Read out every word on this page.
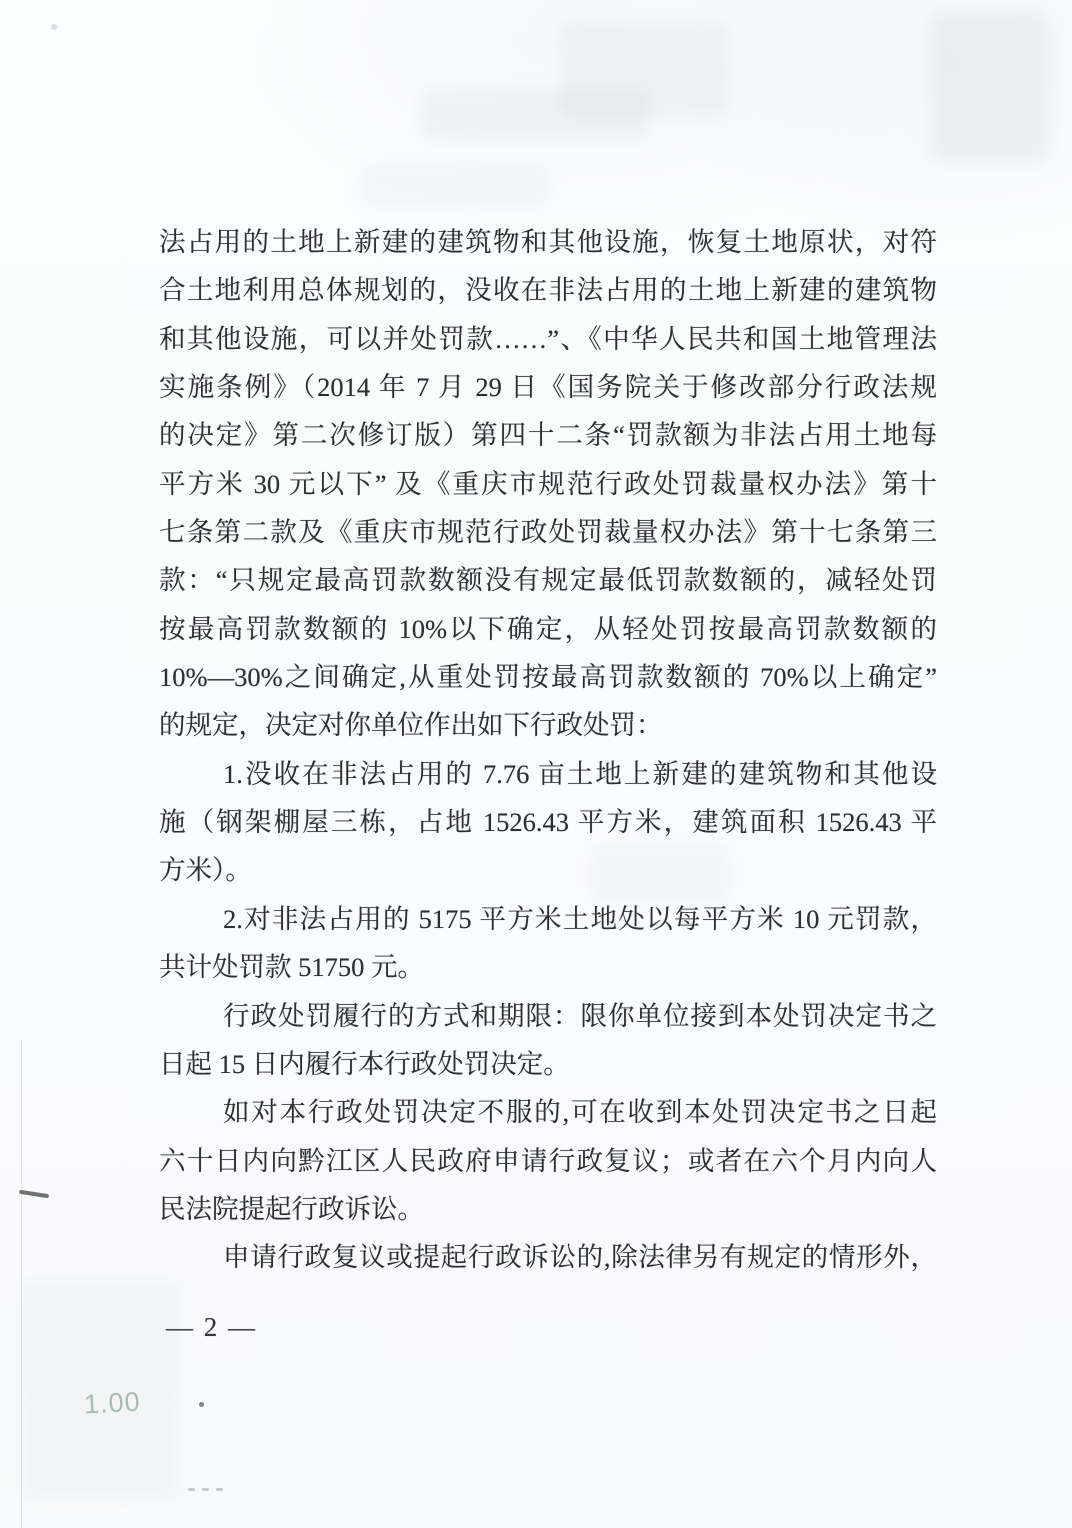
法占用的土地上新建的建筑物和其他设施，恢复土地原状，对符
合土地利用总体规划的，没收在非法占用的土地上新建的建筑物
和其他设施，可以并处罚款……”、《中华人民共和国土地管理法
实施条例》（2014 年 7 月 29 日《国务院关于修改部分行政法规
的决定》第二次修订版）第四十二条“罚款额为非法占用土地每
平方米 30 元以下” 及《重庆市规范行政处罚裁量权办法》第十
七条第二款及《重庆市规范行政处罚裁量权办法》第十七条第三
款：“只规定最高罚款数额没有规定最低罚款数额的，减轻处罚
按最高罚款数额的 10%以下确定，从轻处罚按最高罚款数额的
10%—30%之间确定,从重处罚按最高罚款数额的 70%以上确定”
的规定，决定对你单位作出如下行政处罚：
1.没收在非法占用的 7.76 亩土地上新建的建筑物和其他设
施（钢架棚屋三栋，占地 1526.43 平方米，建筑面积 1526.43 平
方米）。
2.对非法占用的 5175 平方米土地处以每平方米 10 元罚款，
共计处罚款 51750 元。
行政处罚履行的方式和期限：限你单位接到本处罚决定书之
日起 15 日内履行本行政处罚决定。
如对本行政处罚决定不服的,可在收到本处罚决定书之日起
六十日内向黔江区人民政府申请行政复议；或者在六个月内向人
民法院提起行政诉讼。
申请行政复议或提起行政诉讼的,除法律另有规定的情形外，
— 2 —
1.00
